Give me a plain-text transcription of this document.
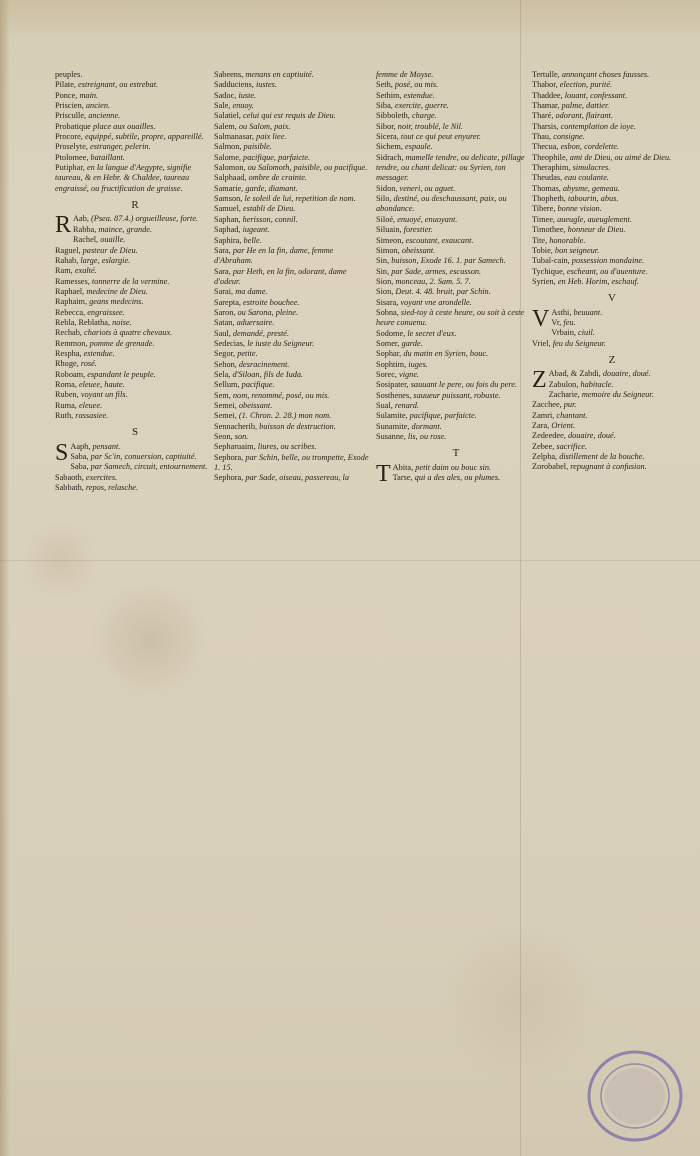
peuples.

Pilate, estreignant, ou estrebat.

Ponce, main.

Priscien, ancien.

Prisculle, ancienne.

Probatique place aux ouailles.

Procore, equippé, subtile, propre, appareillé.

Proselyte, estranger, pelerin.

Ptolomee, bataillant.

Putiphar, en la langue d'Aegypte, signifie taureau, & en Hebr. & Chaldee, taureau engraissé, ou fructification de graisse.

R
R Aab, (Psea. 87.4.) orgueilleuse, forte.

Rabba, maince, grande.

Rachel, ouaille.

Raguel, pasteur de Dieu.

Rahab, large, eslargie.

Ram, exalté.

Ramesses, tonnerre de la vermine.

Raphael, medecine de Dieu.

Raphaim, geans medecins.

Rebecca, engraissee.

Rebla, Reblatha, noise.

Rechab, chariots à quatre chevaux.

Remmon, pomme de grenade.

Respha, estendue.

Rhoge, rosé.

Roboam, espandant le peuple.

Roma, eleuee, haute.

Ruben, voyant un fils.

Ruma, eleuee.

Ruth, rassasiee.

S
S Aaph, pensant.

Saba, par Sc'in, conuersion, captiuité.

Saba, par Samech, circuit, entournement.

Sabaoth, exercites.

Sabbath, repos, relasche.

Sabeens, menans en captiuité.

Sadduciens, iustes.

Sadoc, iuste.

Sale, enuoy.

Salatiel, celui qui est requis de Dieu.

Salem, ou Salom, paix.

Salmanasar, paix liee.

Salmon, paisible.

Salome, pacifique, parfaicte.

Salomon, ou Salomoth, paisible, ou pacifique.

Salphaad, ombre de crainte.

Samarie, garde, diamant.

Samson, le soleil de lui, repetition de nom.

Samuel, establi de Dieu.

Saphan, herisson, connil.

Saphad, iugeant.

Saphira, belle.

Sara, par He en la fin, dame, femme d'Abraham.

Sara, par Heth, en la fin, odorant, dame d'odeur.

Sarai, ma dame.

Sarepta, estroite bouchee.

Saron, ou Sarona, pleine.

Satan, aduersaire.

Saul, demandé, presté.

Sedecias, le iuste du Seigneur.

Segor, petite.

Sehon, desracinement.

Sela, d'Siloan, fils de Iuda.

Sellum, pacifique.

Sem, nom, renommé, posé, ou mis.

Semei, obeissant.

Semei, (1. Chron. 2. 28.) mon nom.

Sennacherib, buisson de destruction.

Seon, son.

Sepharuaim, liures, ou scribes.

Sephora, par Schin, belle, ou trompette, Exode 1. 15.

Sephora, par Sade, oiseau, passereau, la

femme de Moyse.

Seth, posé, ou mis.

Sethim, estendue.

Siba, exercite, guerre.

Sibboleth, charge.

Sibor, noir, troublé, le Nil.

Sicera, tout ce qui peut enyurer.

Sichem, espaule.

Sidrach, mamelle tendre, ou delicate, pillage tendre, ou chant delicat: ou Syrien, ton messager.

Sidon, veneri, ou aguet.

Silo, destiné, ou deschaussant, paix, ou abondance.

Siloé, enuoyé, enuoyant.

Siluain, forestier.

Simeon, escoutant, exaucant.

Simon, obeissant.

Sin, buisson, Exode 16. 1. par Samech.

Sin, par Sade, armes, escusson.

Sion, monceau, 2. Sam. 5. 7.

Sion, Deut. 4. 48. bruit, par Schin.

Sisara, voyant vne arondelle.

Sobna, sied-toy à ceste heure, ou soit à ceste heure conuenu.

Sodome, le secret d'eux.

Somer, garde.

Sophar, du matin en Syrien, bouc.

Sophtim, iuges.

Sorec, vigne.

Sosipater, sauuant le pere, ou fois du pere.

Sosthenes, sauueur puissant, robuste.

Sual, renard.

Sulamite, pacifique, parfaicte.

Sunamite, dormant.

Susanne, lis, ou rose.

T
T Abita, petit daim ou bouc sin.

Tarse, qui a des ales, ou plumes.

Tertulle, annonçant choses fausses.

Thabor, election, purité.

Thaddee, louant, confessant.

Thamar, palme, dattier.

Tharé, odorant, flairant.

Tharsis, contemplation de ioye.

Thau, consigne.

Thecua, esbon, cordelette.

Theophile, ami de Dieu, ou aimé de Dieu.

Theraphim, simulacres.

Theudas, eau coulante.

Thomas, abysme, gemeau.

Thopheth, tabourin, abus.

Tibere, bonne vision.

Timee, aueugle, aueuglement.

Timothee, honneur de Dieu.

Tite, honorable.

Tobie, bon seigneur.

Tubal-cain, possession mondaine.

Tychique, escheant, ou d'auenture.

Syrien, en Heb. Horim, eschauf.

V
V Asthi, beuuant.

Vr, feu.

Vrbain, ciuil.

Vriel, feu du Seigneur.

Z
Z Abad, & Zabdi, douaire, doué.

Zabulon, habitacle.

Zacharie, memoire du Seigneur.

Zacchee, pur.

Zamri, chantant.

Zara, Orient.

Zedeedee, douaire, doué.

Zebee, sacrifice.

Zelpha, distillement de la bouche.

Zorobabel, repugnant à confusion.
